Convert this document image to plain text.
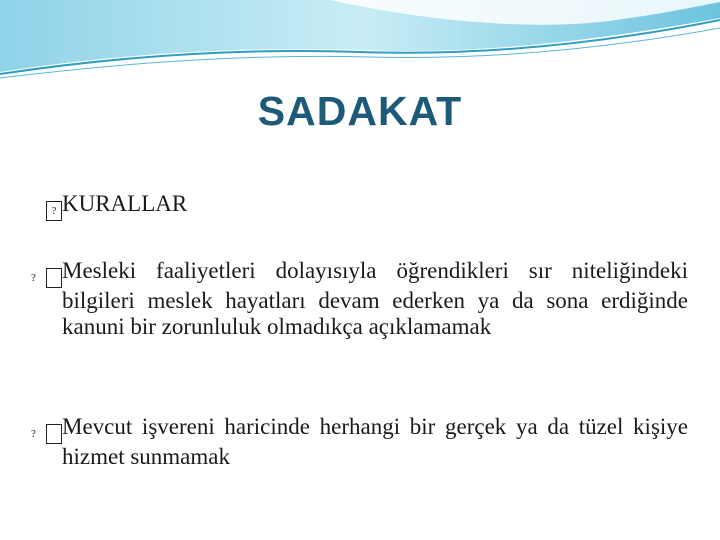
SADAKAT
? KURALLAR
? Mesleki faaliyetleri dolayısıyla öğrendikleri sır niteliğindeki bilgileri meslek hayatları devam ederken ya da sona erdiğinde kanuni bir zorunluluk olmadıkça açıklamamak
? Mevcut işvereni haricinde herhangi bir gerçek ya da tüzel kişiye hizmet sunmamak
